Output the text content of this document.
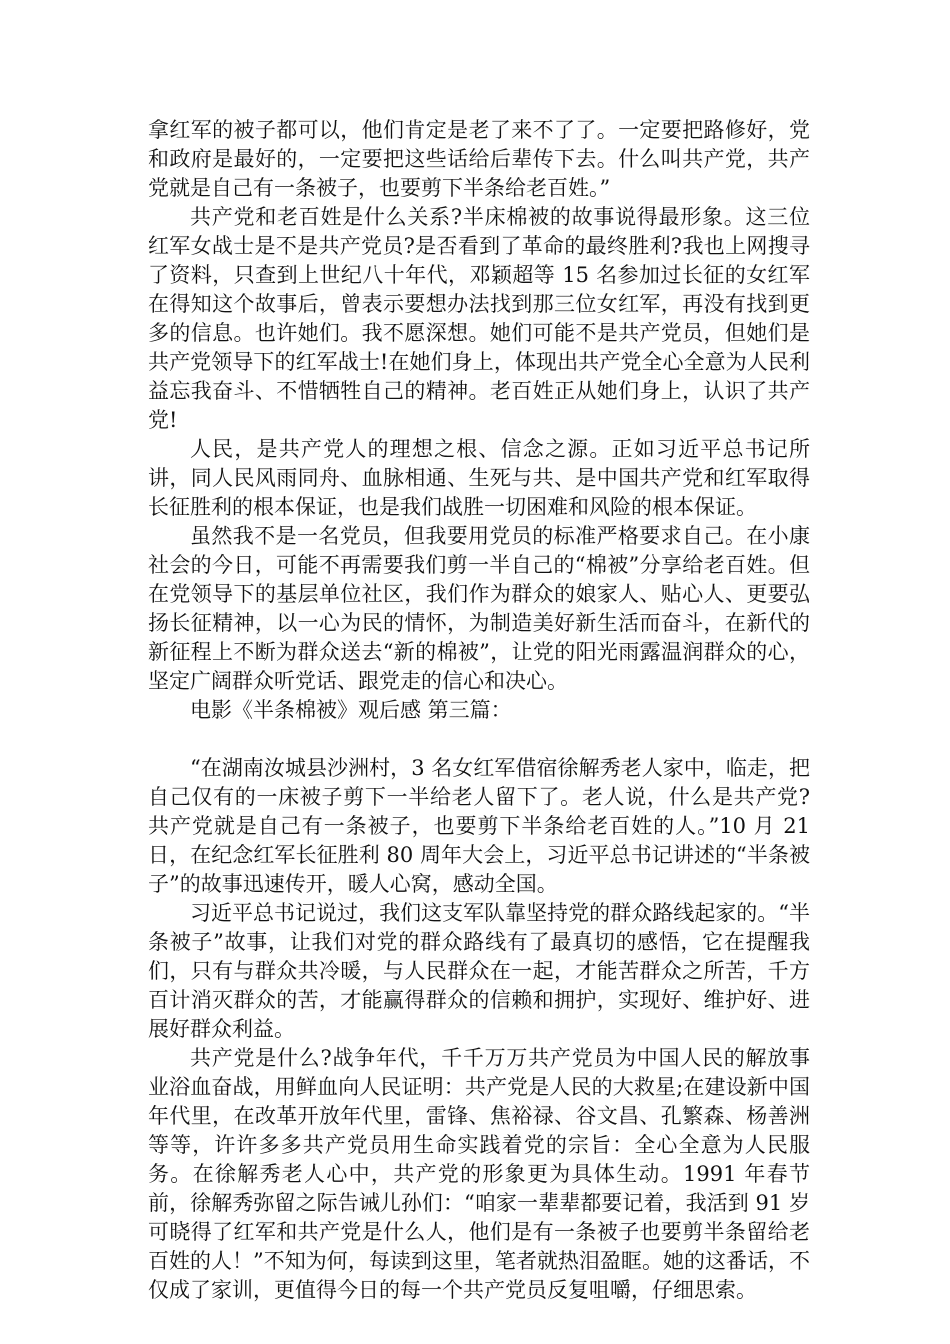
拿红军的被子都可以，他们肯定是老了来不了了。一定要把路修好，党和政府是最好的，一定要把这些话给后辈传下去。什么叫共产党，共产党就是自己有一条被子，也要剪下半条给老百姓。”

共产党和老百姓是什么关系?半床棉被的故事说得最形象。这三位红军女战士是不是共产党员?是否看到了革命的最终胜利?我也上网搜寻了资料，只查到上世纪八十年代，邓颖超等 15 名参加过长征的女红军在得知这个故事后，曾表示要想办法找到那三位女红军，再没有找到更多的信息。也许她们。我不愿深想。她们可能不是共产党员，但她们是共产党领导下的红军战士!在她们身上，体现出共产党全心全意为人民利益忘我奋斗、不惜牺牲自己的精神。老百姓正从她们身上，认识了共产党!

人民，是共产党人的理想之根、信念之源。正如习近平总书记所讲，同人民风雨同舟、血脉相通、生死与共、是中国共产党和红军取得长征胜利的根本保证，也是我们战胜一切困难和风险的根本保证。

虽然我不是一名党员，但我要用党员的标准严格要求自己。在小康社会的今日，可能不再需要我们剪一半自己的“棉被”分享给老百姓。但在党领导下的基层单位社区，我们作为群众的娘家人、贴心人、更要弘扬长征精神，以一心为民的情怀，为制造美好新生活而奋斗，在新代的新征程上不断为群众送去“新的棉被”，让党的阳光雨露温润群众的心，坚定广阔群众听党话、跟党走的信心和决心。

电影《半条棉被》观后感 第三篇：

“在湖南汝城县沙洲村，3 名女红军借宿徐解秀老人家中，临走，把自己仅有的一床被子剪下一半给老人留下了。老人说，什么是共产党?共产党就是自己有一条被子，也要剪下半条给老百姓的人。”10 月 21 日，在纪念红军长征胜利 80 周年大会上，习近平总书记讲述的“半条被子”的故事迅速传开，暖人心窝，感动全国。

习近平总书记说过，我们这支军队靠坚持党的群众路线起家的。“半条被子”故事，让我们对党的群众路线有了最真切的感悟，它在提醒我们，只有与群众共冷暖，与人民群众在一起，才能苦群众之所苦，千方百计消灭群众的苦，才能赢得群众的信赖和拥护，实现好、维护好、进展好群众利益。

共产党是什么?战争年代，千千万万共产党员为中国人民的解放事业浴血奋战，用鲜血向人民证明：共产党是人民的大救星;在建设新中国年代里，在改革开放年代里，雷锋、焦裕禄、谷文昌、孔繁森、杨善洲等等，许许多多共产党员用生命实践着党的宗旨：全心全意为人民服务。在徐解秀老人心中，共产党的形象更为具体生动。1991 年春节前，徐解秀弥留之际告诫儿孙们：“咱家一辈辈都要记着，我活到 91 岁可晓得了红军和共产党是什么人，他们是有一条被子也要剪半条留给老百姓的人！”不知为何，每读到这里，笔者就热泪盈眶。她的这番话，不仅成了家训，更值得今日的每一个共产党员反复咀嚼，仔细思索。
